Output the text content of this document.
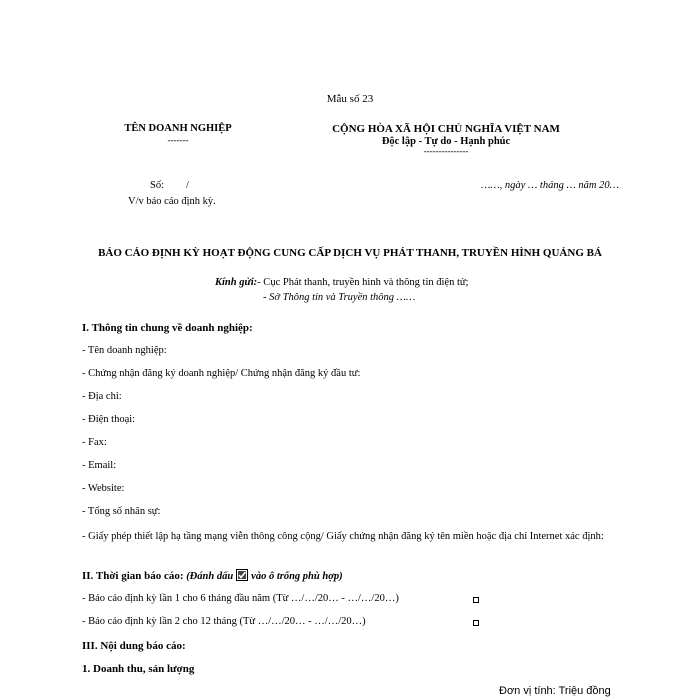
Mẫu số 23
TÊN DOANH NGHIỆP
-------
CỘNG HÒA XÃ HỘI CHỦ NGHĨA VIỆT NAM
Độc lập - Tự do - Hạnh phúc
---------------
Số: /
V/v báo cáo định kỳ.
……, ngày … tháng … năm 20…
BÁO CÁO ĐỊNH KỲ HOẠT ĐỘNG CUNG CẤP DỊCH VỤ PHÁT THANH, TRUYỀN HÌNH QUẢNG BÁ
Kính gửi:- Cục Phát thanh, truyền hình và thông tin điện tử;
- Sở Thông tin và Truyền thông ……
I. Thông tin chung về doanh nghiệp:
- Tên doanh nghiệp:
- Chứng nhận đăng ký doanh nghiệp/ Chứng nhận đăng ký đầu tư:
- Địa chỉ:
- Điện thoại:
- Fax:
- Email:
- Website:
- Tổng số nhân sự:
- Giấy phép thiết lập hạ tầng mạng viễn thông công cộng/ Giấy chứng nhận đăng ký tên miền hoặc địa chỉ Internet xác định:
II. Thời gian báo cáo: (Đánh dấu vào ô trống phù hợp)
- Báo cáo định kỳ lần 1 cho 6 tháng đầu năm (Từ …/…/20… - …/…/20…)
- Báo cáo định kỳ lần 2 cho 12 tháng (Từ …/…/20… - …/…/20…)
III. Nội dung báo cáo:
1. Doanh thu, sản lượng
Đơn vị tính: Triệu đồng
